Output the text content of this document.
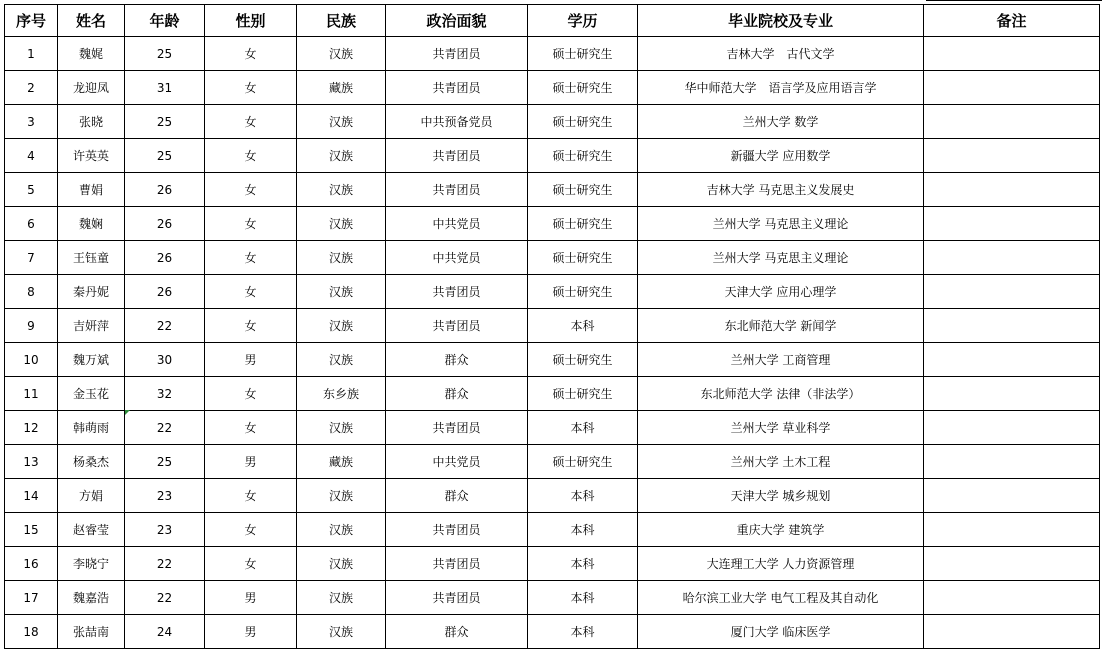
序号	姓名	年龄	性别	民族	政治面貌	学历	毕业院校及专业	备注
1	魏娓	25	女	汉族	共青团员	硕士研究生	吉林大学　古代文学	
2	龙迎凤	31	女	藏族	共青团员	硕士研究生	华中师范大学　语言学及应用语言学	
3	张晓	25	女	汉族	中共预备党员	硕士研究生	兰州大学 数学	
4	许英英	25	女	汉族	共青团员	硕士研究生	新疆大学 应用数学	
5	曹娟	26	女	汉族	共青团员	硕士研究生	吉林大学 马克思主义发展史	
6	魏娴	26	女	汉族	中共党员	硕士研究生	兰州大学 马克思主义理论	
7	王钰童	26	女	汉族	中共党员	硕士研究生	兰州大学 马克思主义理论	
8	秦丹妮	26	女	汉族	共青团员	硕士研究生	天津大学 应用心理学	
9	吉妍萍	22	女	汉族	共青团员	本科	东北师范大学 新闻学	
10	魏万斌	30	男	汉族	群众	硕士研究生	兰州大学 工商管理	
11	金玉花	32	女	东乡族	群众	硕士研究生	东北师范大学 法律（非法学）	
12	韩萌雨	22	女	汉族	共青团员	本科	兰州大学 草业科学	
13	杨桑杰	25	男	藏族	中共党员	硕士研究生	兰州大学 土木工程	
14	方娟	23	女	汉族	群众	本科	天津大学 城乡规划	
15	赵睿莹	23	女	汉族	共青团员	本科	重庆大学 建筑学	
16	李晓宁	22	女	汉族	共青团员	本科	大连理工大学 人力资源管理	
17	魏嘉浩	22	男	汉族	共青团员	本科	哈尔滨工业大学 电气工程及其自动化	
18	张喆南	24	男	汉族	群众	本科	厦门大学 临床医学	
